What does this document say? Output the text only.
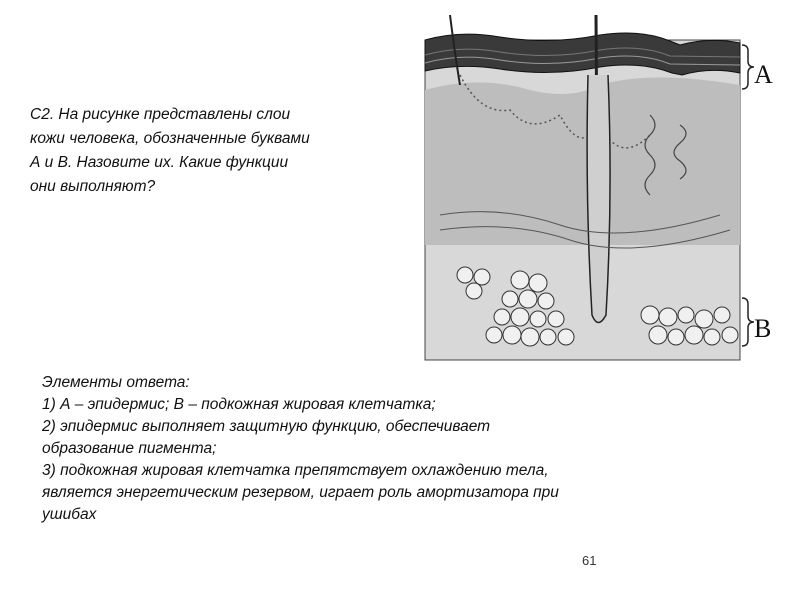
С2. На рисунке представлены слои
кожи человека, обозначенные буквами
А и В. Назовите их. Какие функции
они выполняют?
A
B
Элементы ответа:
1) А – эпидермис; В – подкожная жировая клетчатка;
2) эпидермис выполняет защитную функцию, обеспечивает
образование пигмента;
3) подкожная жировая клетчатка препятствует охлаждению тела,
является энергетическим резервом, играет роль амортизатора при
ушибах
61
